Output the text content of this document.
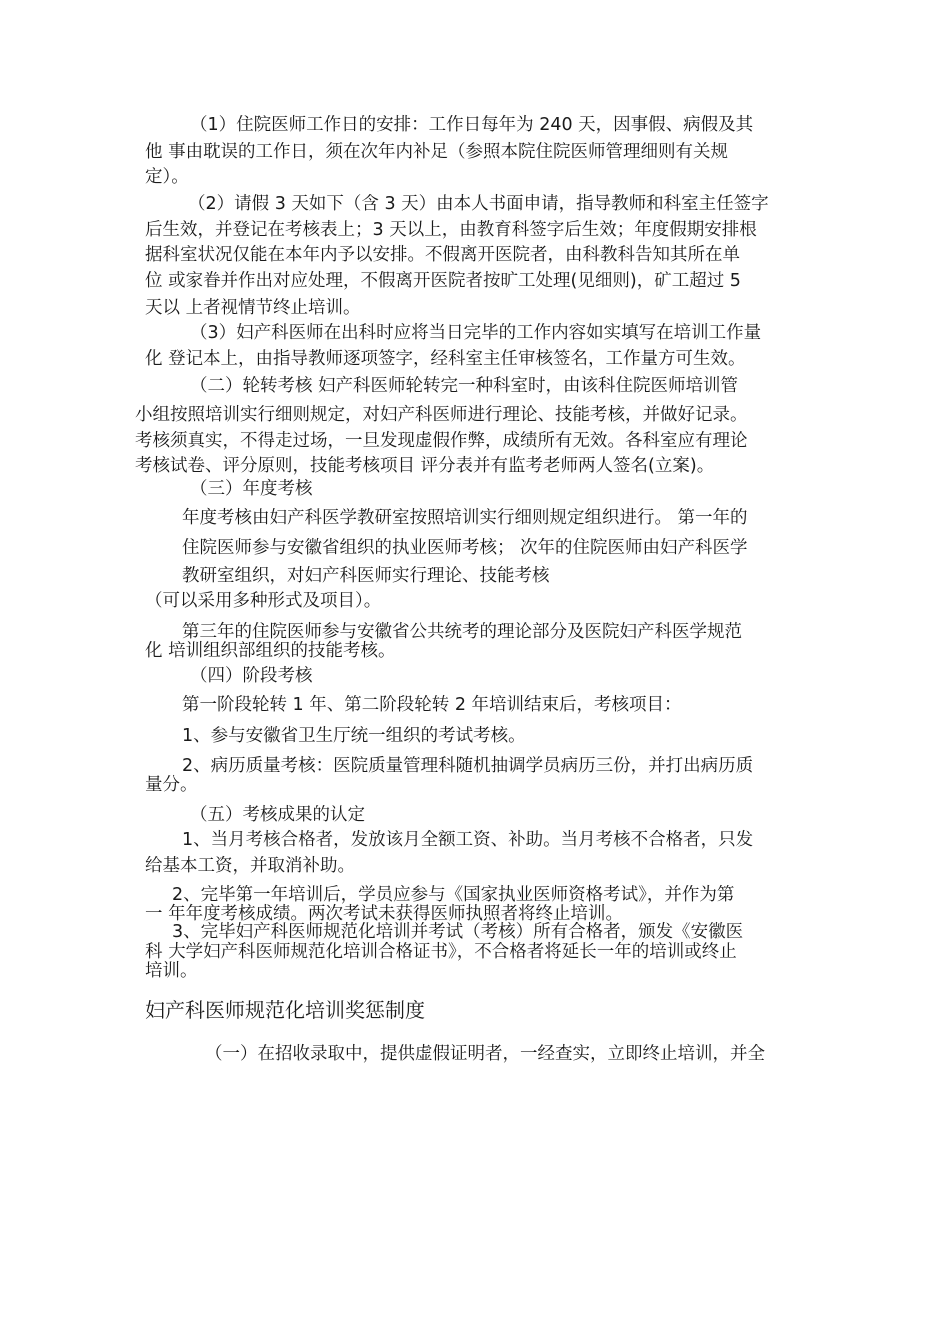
（1）住院医师工作日的安排：工作日每年为 240 天，因事假、病假及其

他 事由耽误的工作日，须在次年内补足（参照本院住院医师管理细则有关规

定）。

（2）请假 3 天如下（含 3 天）由本人书面申请，指导教师和科室主任签字

后生效，并登记在考核表上；3 天以上，由教育科签字后生效；年度假期安排根

据科室状况仅能在本年内予以安排。不假离开医院者，由科教科告知其所在单

位 或家眷并作出对应处理，不假离开医院者按旷工处理(见细则)，矿工超过 5

天以 上者视情节终止培训。

（3）妇产科医师在出科时应将当日完毕的工作内容如实填写在培训工作量

化 登记本上，由指导教师逐项签字，经科室主任审核签名，工作量方可生效。

（二）轮转考核 妇产科医师轮转完一种科室时，由该科住院医师培训管

小组按照培训实行细则规定，对妇产科医师进行理论、技能考核，并做好记录。

考核须真实，不得走过场，一旦发现虚假作弊，成绩所有无效。各科室应有理论

考核试卷、评分原则，技能考核项目 评分表并有监考老师两人签名(立案)。

（三）年度考核

年度考核由妇产科医学教研室按照培训实行细则规定组织进行。 第一年的

住院医师参与安徽省组织的执业医师考核； 次年的住院医师由妇产科医学

教研室组织，对妇产科医师实行理论、技能考核

（可以采用多种形式及项目）。

第三年的住院医师参与安徽省公共统考的理论部分及医院妇产科医学规范

化 培训组织部组织的技能考核。

（四）阶段考核

第一阶段轮转 1 年、第二阶段轮转 2 年培训结束后，考核项目：

1、参与安徽省卫生厅统一组织的考试考核。

2、病历质量考核：医院质量管理科随机抽调学员病历三份，并打出病历质

量分。

（五）考核成果的认定

1、当月考核合格者，发放该月全额工资、补助。当月考核不合格者，只发

给基本工资，并取消补助。

2、完毕第一年培训后，学员应参与《国家执业医师资格考试》，并作为第

一 年年度考核成绩。两次考试未获得医师执照者将终止培训。

3、完毕妇产科医师规范化培训并考试（考核）所有合格者，颁发《安徽医

科 大学妇产科医师规范化培训合格证书》，不合格者将延长一年的培训或终止

培训。

妇产科医师规范化培训奖惩制度

（一）在招收录取中，提供虚假证明者，一经查实，立即终止培训，并全
